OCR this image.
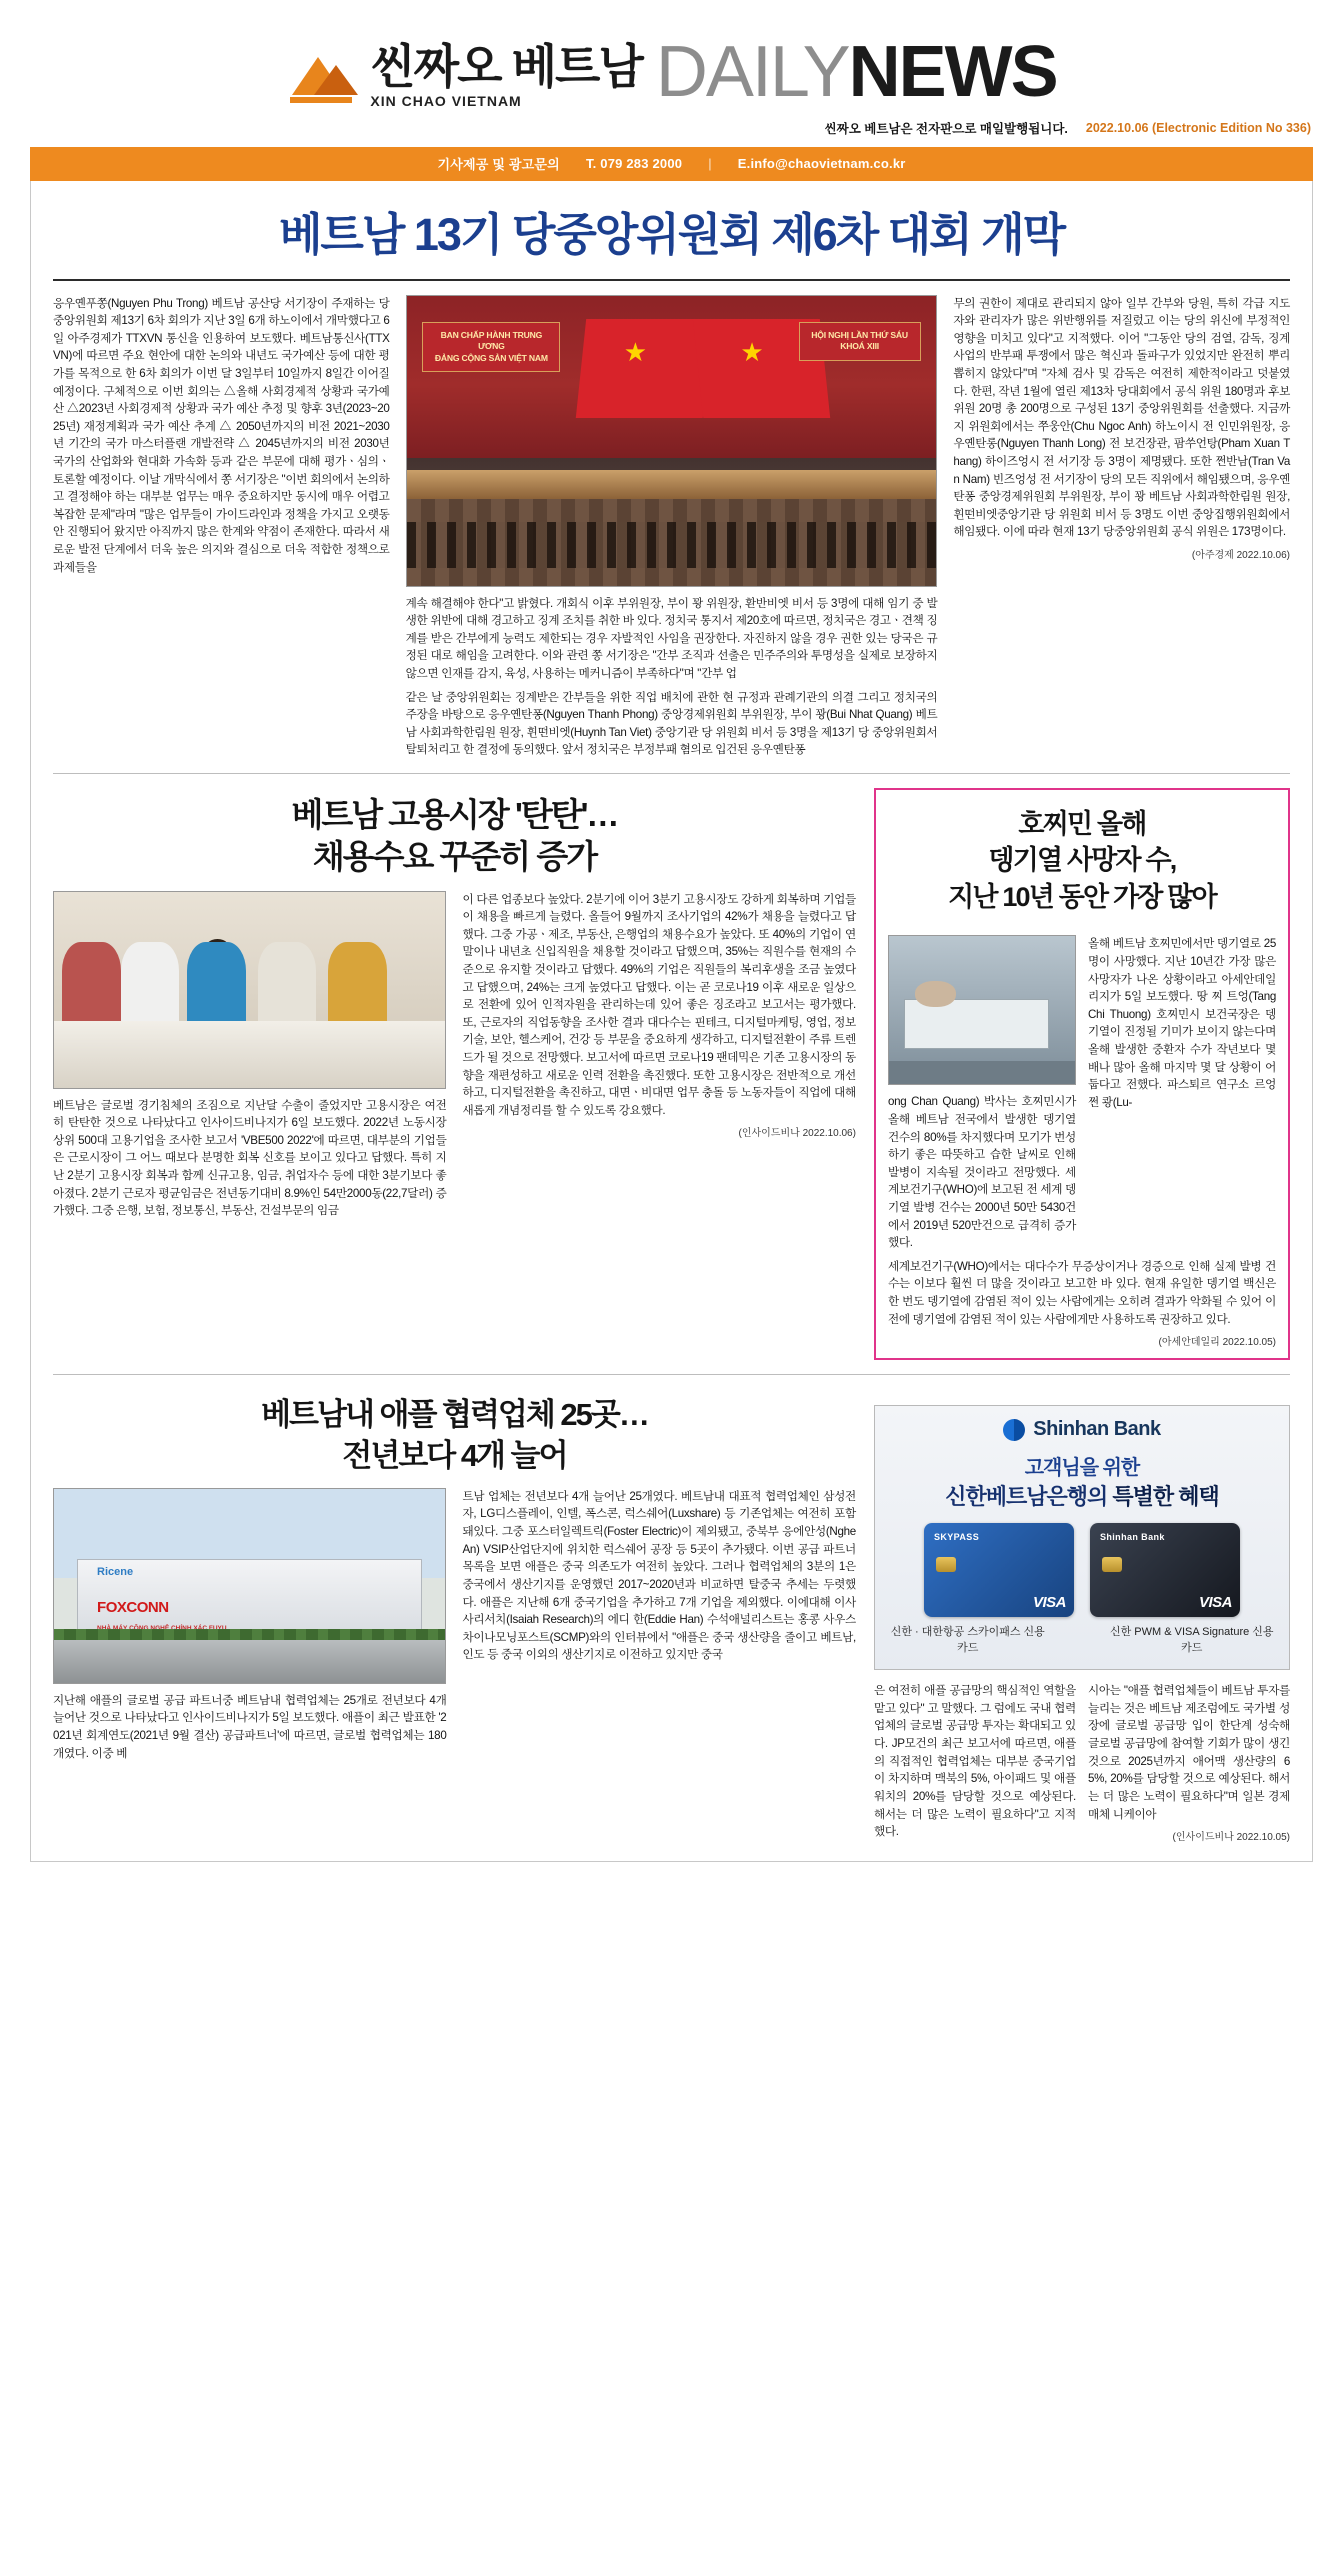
씬짜오 베트남
XIN CHAO VIETNAM DAILYNEWS
씬짜오 베트남은 전자판으로 매일발행됩니다. 2022.10.06 (Electronic Edition No 336)
기사제공 및 광고문의 T. 079 283 2000 | E.info@chaovietnam.co.kr
베트남 13기 당중앙위원회 제6차 대회 개막
응우옌푸쫑(Nguyen Phu Trong) 베트남 공산당 서기장이 주재하는 당중앙위원회 제13기 6차 회의가 지난 3일 6개 하노이에서 개막했다고 6일 아주경제가 TTXVN 통신을 인용하여 보도했다. 베트남통신사(TTXVN)에 따르면 주요 현안에 대한 논의와 내년도 국가예산 등에 대한 평가를 목적으로 한 6차 회의가 이번 달 3일부터 10일까지 8일간 이어질 예정이다. 구체적으로 이번 회의는 △올해 사회경제적 상황과 국가예산 △2023년 사회경제적 상황과 국가 예산 추정 및 향후 3년(2023~2025년) 재정계획과 국가 예산 추계 △ 2050년까지의 비전 2021~2030년 기간의 국가 마스터플랜 개발전략 △ 2045년까지의 비전 2030년 국가의 산업화와 현대화 가속화 등과 같은 부문에 대해 평가ㆍ심의ㆍ토론할 예정이다. 이날 개막식에서 쫑 서기장은 "이번 회의에서 논의하고 결정해야 하는 대부분 업무는 매우 중요하지만 동시에 매우 어렵고 복잡한 문제"라며 "많은 업무들이 가이드라인과 정책을 가지고 오랫동안 진행되어 왔지만 아직까지 많은 한계와 약점이 존재한다. 따라서 새로운 발전 단계에서 더욱 높은 의지와 결심으로 더욱 적합한 정책으로 과제들을
★	★
BAN CHẤP HÀNH TRUNG ƯƠNG
ĐẢNG CỘNG SẢN VIỆT NAM
HỘI NGHỊ LẦN THỨ SÁU
KHOÁ XIII
계속 해결해야 한다"고 밝혔다. 개회식 이후 부위원장, 부이 꽝 위원장, 환반비엣 비서 등 3명에 대해 임기 중 발생한 위반에 대해 경고하고 징계 조치를 취한 바 있다. 정치국 통지서 제20호에 따르면, 정치국은 경고ㆍ견책 징계를 받은 간부에게 능력도 제한되는 경우 자발적인 사임을 권장한다. 자진하지 않을 경우 권한 있는 당국은 규정된 대로 해임을 고려한다. 이와 관련 쫑 서기장은 "간부 조직과 선출은 민주주의와 투명성을 실제로 보장하지 않으면 인재를 감지, 육성, 사용하는 메커니즘이 부족하다"며 "간부 업
같은 날 중앙위원회는 징계받은 간부들을 위한 직업 배치에 관한 현 규정과 관례기관의 의결 그리고 정치국의 주장을 바탕으로 응우옌탄퐁(Nguyen Thanh Phong) 중앙경제위원회 부위원장, 부이 꽝(Bui Nhat Quang) 베트남 사회과학한림원 원장, 휜떤비엣(Huynh Tan Viet) 중앙기관 당 위원회 비서 등 3명을 제13기 당 중앙위원회서 탈퇴처리고 한 결정에 동의했다. 앞서 정치국은 부정부패 혐의로 입건된 응우옌탄퐁
무의 권한이 제대로 관리되지 않아 일부 간부와 당원, 특히 각급 지도자와 관리자가 많은 위반행위를 저질렀고 이는 당의 위신에 부정적인 영향을 미치고 있다"고 지적했다. 이어 "그동안 당의 검열, 감독, 징계 사업의 반부패 투쟁에서 많은 혁신과 돌파구가 있었지만 완전히 뿌리 뽑히지 않았다"며 "자체 검사 및 감독은 여전히 제한적이라고 덧붙였다. 한편, 작년 1월에 열린 제13차 당대회에서 공식 위원 180명과 후보위원 20명 총 200명으로 구성된 13기 중앙위원회를 선출했다. 지금까지 위원회에서는 쭈웅안(Chu Ngoc Anh) 하노이시 전 인민위원장, 응우옌탄롱(Nguyen Thanh Long) 전 보건장관, 팜쑤언탕(Pham Xuan Thang) 하이즈엉시 전 서기장 등 3명이 제명됐다. 또한 쩐반남(Tran Van Nam) 빈즈엉성 전 서기장이 당의 모든 직위에서 해임됐으며, 응우옌탄퐁 중앙경제위원회 부위원장, 부이 꽝 베트남 사회과학한림원 원장, 휜떤비엣중앙기관 당 위원회 비서 등 3명도 이번 중앙집행위원회에서 해임됐다. 이에 따라 현재 13기 당중앙위원회 공식 위원은 173명이다.
(아주경제 2022.10.06)
베트남 고용시장 '탄탄'…
채용수요 꾸준히 증가
베트남은 글로벌 경기침체의 조짐으로 지난달 수출이 줄었지만 고용시장은 여전히 탄탄한 것으로 나타났다고 인사이드비나지가 6일 보도했다. 2022년 노동시장 상위 500대 고용기업을 조사한 보고서 'VBE500 2022'에 따르면, 대부분의 기업들은 근로시장이 그 어느 때보다 분명한 회복 신호를 보이고 있다고 답했다. 특히 지난 2분기 고용시장 회복과 함께 신규고용, 임금, 취업자수 등에 대한 3분기보다 좋아졌다. 2분기 근로자 평균임금은 전년동기대비 8.9%인 54만2000동(22,7달러) 증가했다. 그중 은행, 보험, 정보통신, 부동산, 건설부문의 임금
이 다른 업종보다 높았다. 2분기에 이어 3분기 고용시장도 강하게 회복하며 기업들이 채용을 빠르게 늘렸다. 올들어 9월까지 조사기업의 42%가 채용을 늘렸다고 답했다. 그중 가공ㆍ제조, 부동산, 은행업의 채용수요가 높았다. 또 40%의 기업이 연말이나 내년초 신입직원을 채용할 것이라고 답했으며, 35%는 직원수를 현재의 수준으로 유지할 것이라고 답했다. 49%의 기업은 직원들의 복리후생을 조금 높였다고 답했으며, 24%는 크게 높였다고 답했다. 이는 곧 코로나19 이후 새로운 일상으로 전환에 있어 인적자원을 관리하는데 있어 좋은 징조라고 보고서는 평가했다. 또, 근로자의 직업동향을 조사한 결과 대다수는 핀테크, 디지털마케팅, 영업, 정보기술, 보안, 헬스케어, 건강 등 부문을 중요하게 생각하고, 디지털전환이 주류 트렌드가 될 것으로 전망했다. 보고서에 따르면 코로나19 팬데믹은 기존 고용시장의 동향을 재편성하고 새로운 인력 전환을 촉진했다. 또한 고용시장은 전반적으로 개선하고, 디지털전환을 촉진하고, 대면ㆍ비대면 업무 충돌 등 노동자들이 직업에 대해 새롭게 개념정리를 할 수 있도록 강요했다.
(인사이드비나 2022.10.06)
호찌민 올해
뎅기열 사망자 수,
지난 10년 동안 가장 많아
ong Chan Quang) 박사는 호찌민시가 올해 베트남 전국에서 발생한 뎅기열 건수의 80%를 차지했다며 모기가 번성하기 좋은 따뜻하고 습한 날씨로 인해 발병이 지속될 것이라고 전망했다. 세계보건기구(WHO)에 보고된 전 세계 뎅기열 발병 건수는 2000년 50만 5430건에서 2019년 520만건으로 급격히 증가했다.
올해 베트남 호찌민에서만 뎅기열로 25명이 사망했다. 지난 10년간 가장 많은 사망자가 나온 상황이라고 아세안데일리지가 5일 보도했다. 땅 찌 트엉(Tang Chi Thuong) 호찌민시 보건국장은 뎅기열이 진정될 기미가 보이지 않는다며 올해 발생한 중환자 수가 작년보다 몇 배나 많아 올해 마지막 몇 달 상황이 어둡다고 전했다. 파스퇴르 연구소 르엉 쩐 쾅(Lu-
세계보건기구(WHO)에서는 대다수가 무증상이거나 경증으로 인해 실제 발병 건수는 이보다 훨씬 더 많을 것이라고 보고한 바 있다. 현재 유일한 뎅기열 백신은 한 번도 뎅기열에 감염된 적이 있는 사람에게는 오히려 결과가 악화될 수 있어 이 전에 뎅기열에 감염된 적이 있는 사람에게만 사용하도록 권장하고 있다.
(아세안데일리 2022.10.05)
베트남내 애플 협력업체 25곳…
전년보다 4개 늘어
Ricene
FOXCONN
지난해 애플의 글로벌 공급 파트너중 베트남내 협력업체는 25개로 전년보다 4개 늘어난 것으로 나타났다고 인사이드비나지가 5일 보도했다. 애플이 최근 발표한 '2021년 회계연도(2021년 9월 결산) 공급파트너'에 따르면, 글로벌 협력업체는 180개였다. 이중 베
트남 업체는 전년보다 4개 늘어난 25개였다. 베트남내 대표적 협력업체인 삼성전자, LG디스플레이, 인텔, 폭스콘, 럭스쉐어(Luxshare) 등 기존업체는 여전히 포함돼있다. 그중 포스터일렉트릭(Foster Electric)이 제외됐고, 중북부 응에안성(Nghe An) VSIP산업단지에 위치한 럭스쉐어 공장 등 5곳이 추가됐다. 이번 공급 파트너 목록을 보면 애플은 중국 의존도가 여전히 높았다. 그러나 협력업체의 3분의 1은 중국에서 생산기지를 운영했던 2017~2020년과 비교하면 탈중국 추세는 두렷했다. 애플은 지난해 6개 중국기업을 추가하고 7개 기업을 제외했다. 이에대해 이사사리서치(Isaiah Research)의 에디 한(Eddie Han) 수석애널리스트는 홍콩 사우스차이나모닝포스트(SCMP)와의 인터뷰에서 "애플은 중국 생산량을 줄이고 베트남, 인도 등 중국 이외의 생산기지로 이전하고 있지만 중국
Shinhan Bank
고객님을 위한
신한베트남은행의 특별한 혜택
SKYPASS
VISA
Shinhan Bank
VISA
신한 · 대한항공 스카이패스 신용카드
신한 PWM & VISA Signature 신용카드
은 여전히 애플 공급망의 핵심적인 역할을 맡고 있다" 고 말했다. 그 럼에도 국내 협력업체의 글로벌 공급망 투자는 확대되고 있다. JP모건의 최근 보고서에 따르면, 애플의 직접적인 협력업체는 대부분 중국기업이 차지하며 맥북의 5%, 아이패드 및 애플워치의 20%를 담당할 것으로 예상된다. 해서는 더 많은 노력이 필요하다"고 지적했다.
시아는 "애플 협력업체들이 베트남 투자를 늘리는 것은 베트남 제조럼에도 국가별 성장에 글로벌 공급망 입이 한단계 성숙해 글로벌 공급망에 참여할 기회가 많이 생긴 것으로 2025년까지 애어맥 생산량의 65%, 20%를 담당할 것으로 예상된다. 해서는 더 많은 노력이 필요하다"며 일본 경제매체 니케이아
(인사이드비나 2022.10.05)
